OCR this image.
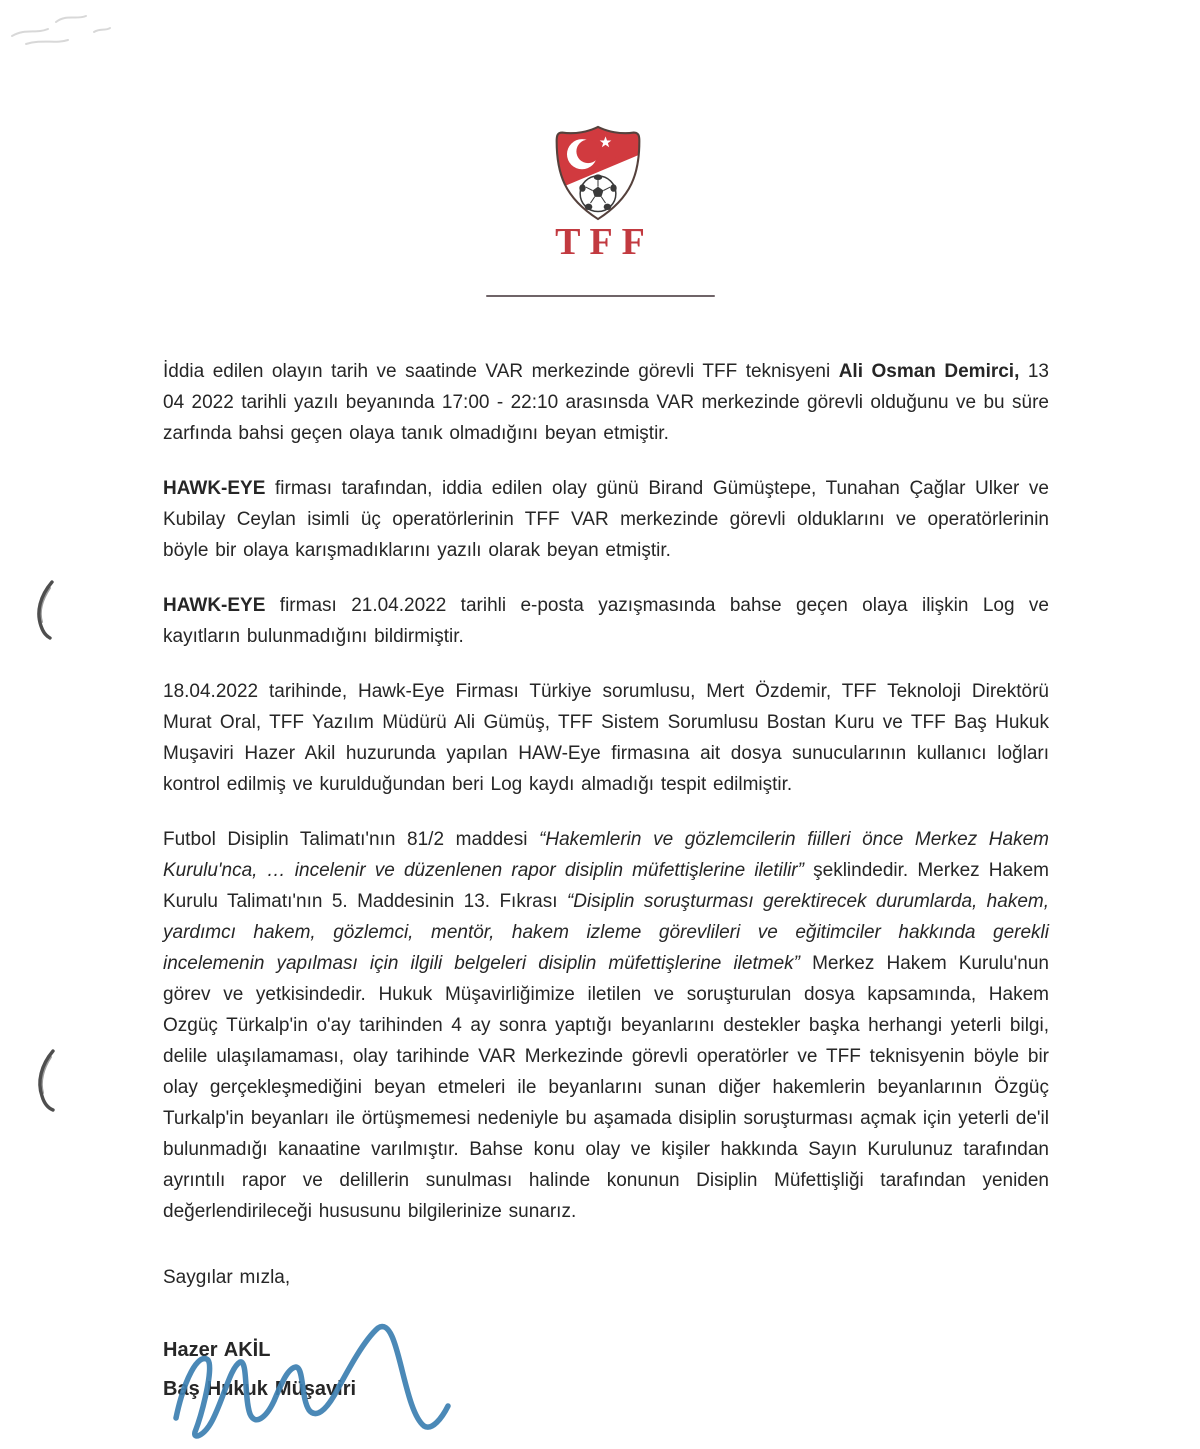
TFF

İddia edilen olayın tarih ve saatinde VAR merkezinde görevli TFF teknisyeni Ali Osman Demirci, 13 04 2022 tarihli yazılı beyanında 17:00 - 22:10 arasınsda VAR merkezinde görevli olduğunu ve bu süre zarfında bahsi geçen olaya tanık olmadığını beyan etmiştir.

HAWK-EYE firması tarafından, iddia edilen olay günü Birand Gümüştepe, Tunahan Çağlar Ulker ve Kubilay Ceylan isimli üç operatörlerinin TFF VAR merkezinde görevli olduklarını ve operatörlerinin böyle bir olaya karışmadıklarını yazılı olarak beyan etmiştir.

HAWK-EYE firması 21.04.2022 tarihli e-posta yazışmasında bahse geçen olaya ilişkin Log ve kayıtların bulunmadığını bildirmiştir.

18.04.2022 tarihinde, Hawk-Eye Firması Türkiye sorumlusu, Mert Özdemir, TFF Teknoloji Direktörü Murat Oral, TFF Yazılım Müdürü Ali Gümüş, TFF Sistem Sorumlusu Bostan Kuru ve TFF Baş Hukuk Muşaviri Hazer Akil huzurunda yapılan HAW-Eye firmasına ait dosya sunucularının kullanıcı loğları kontrol edilmiş ve kurulduğundan beri Log kaydı almadığı tespit edilmiştir.

Futbol Disiplin Talimatı'nın 81/2 maddesi “Hakemlerin ve gözlemcilerin fiilleri önce Merkez Hakem Kurulu'nca, … incelenir ve düzenlenen rapor disiplin müfettişlerine iletilir” şeklindedir. Merkez Hakem Kurulu Talimatı'nın 5. Maddesinin 13. Fıkrası “Disiplin soruşturması gerektirecek durumlarda, hakem, yardımcı hakem, gözlemci, mentör, hakem izleme görevlileri ve eğitimciler hakkında gerekli incelemenin yapılması için ilgili belgeleri disiplin müfettişlerine iletmek” Merkez Hakem Kurulu'nun görev ve yetkisindedir. Hukuk Müşavirliğimize iletilen ve soruşturulan dosya kapsamında, Hakem Ozgüç Türkalp'in o'ay tarihinden 4 ay sonra yaptığı beyanlarını destekler başka herhangi yeterli bilgi, delile ulaşılamaması, olay tarihinde VAR Merkezinde görevli operatörler ve TFF teknisyenin böyle bir olay gerçekleşmediğini beyan etmeleri ile beyanlarını sunan diğer hakemlerin beyanlarının Özgüç Turkalp'in beyanları ile örtüşmemesi nedeniyle bu aşamada disiplin soruşturması açmak için yeterli de'il bulunmadığı kanaatine varılmıştır. Bahse konu olay ve kişiler hakkında Sayın Kurulunuz tarafından ayrıntılı rapor ve delillerin sunulması halinde konunun Disiplin Müfettişliği tarafından yeniden değerlendirileceği hususunu bilgilerinize sunarız.

Saygılar mızla,
Hazer AKİL
Baş Hukuk Müşaviri
